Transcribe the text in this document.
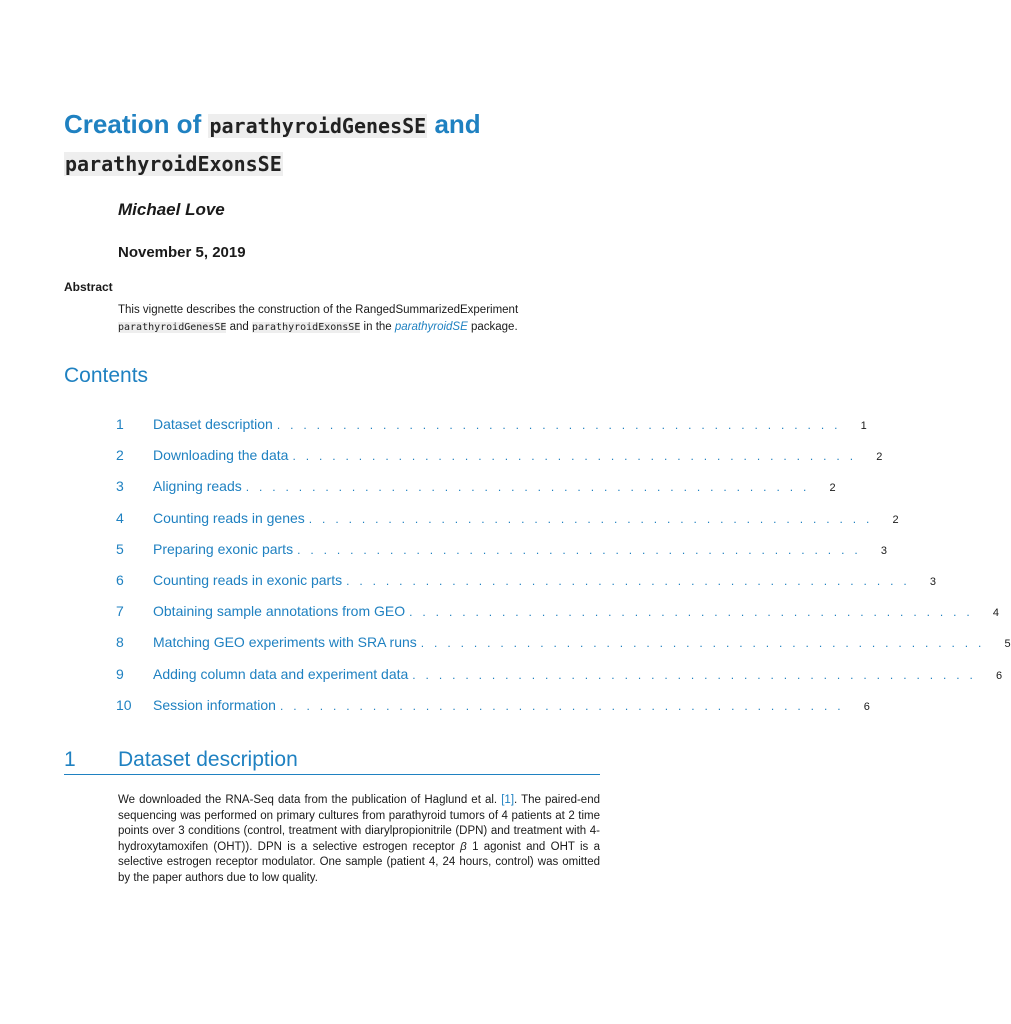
Creation of parathyroidGenesSE and parathyroidExonsSE
Michael Love
November 5, 2019
Abstract
This vignette describes the construction of the RangedSummarizedExperiment parathyroidGenesSE and parathyroidExonsSE in the parathyroidSE package.
Contents
1	Dataset description . . . . . . . . . . . . . . . . . . . . . . . . . . . . . . . . . . . . . . . . . . .	1
2	Downloading the data . . . . . . . . . . . . . . . . . . . . . . . . . . . . . . . . . . . . . . . . . . .	2
3	Aligning reads . . . . . . . . . . . . . . . . . . . . . . . . . . . . . . . . . . . . . . . . . . .	2
4	Counting reads in genes . . . . . . . . . . . . . . . . . . . . . . . . . . . . . . . . . . . . . . . . . . .	2
5	Preparing exonic parts . . . . . . . . . . . . . . . . . . . . . . . . . . . . . . . . . . . . . . . . . . .	3
6	Counting reads in exonic parts . . . . . . . . . . . . . . . . . . . . . . . . . . . . . . . . . . . . . . . . . . .	3
7	Obtaining sample annotations from GEO . . . . . . . . . . . . . . . . . . . . . . . . . . . . . . . . . . . . . . . . . . .	4
8	Matching GEO experiments with SRA runs . . . . . . . . . . . . . . . . . . . . . . . . . . . . . . . . . . . . . . . . . . .	5
9	Adding column data and experiment data . . . . . . . . . . . . . . . . . . . . . . . . . . . . . . . . . . . . . . . . . . .	6
10	Session information . . . . . . . . . . . . . . . . . . . . . . . . . . . . . . . . . . . . . . . . . . .	6
1 Dataset description
We downloaded the RNA-Seq data from the publication of Haglund et al. [1]. The paired-end sequencing was performed on primary cultures from parathyroid tumors of 4 patients at 2 time points over 3 conditions (control, treatment with diarylpropionitrile (DPN) and treatment with 4-hydroxytamoxifen (OHT)). DPN is a selective estrogen receptor β 1 agonist and OHT is a selective estrogen receptor modulator. One sample (patient 4, 24 hours, control) was omitted by the paper authors due to low quality.
